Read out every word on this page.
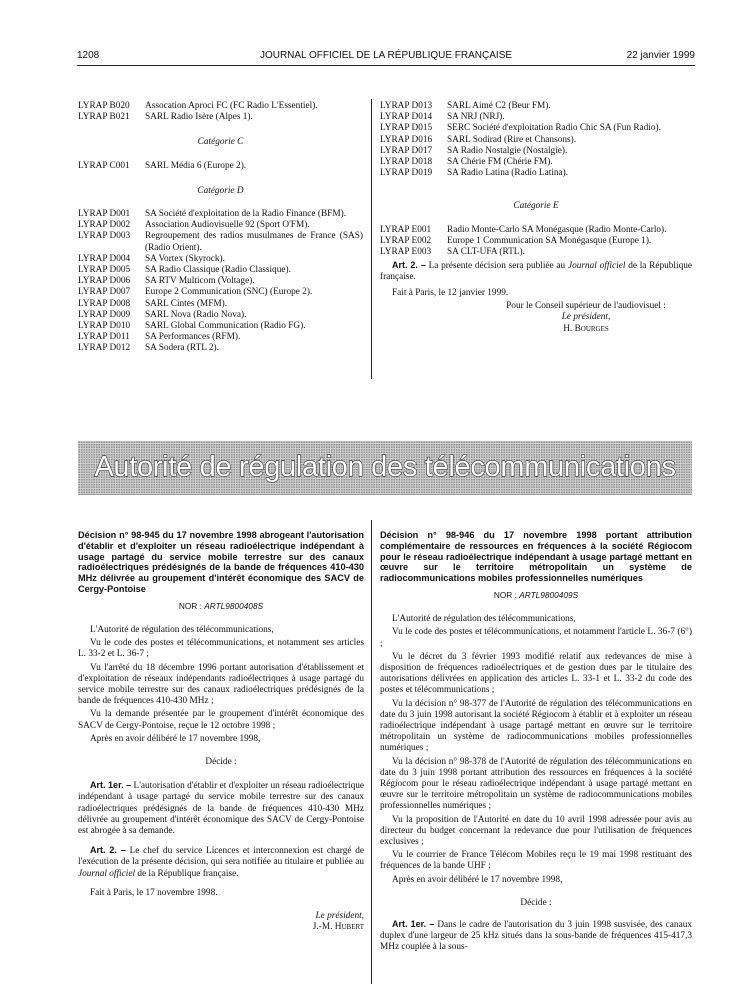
1208	JOURNAL OFFICIEL DE LA RÉPUBLIQUE FRANÇAISE	22 janvier 1999
LYRAP B020	Assocation Aproci FC (FC Radio L'Essentiel).
LYRAP B021	SARL Radio Isère (Alpes 1).
Catégorie C
LYRAP C001	SARL Média 6 (Europe 2).
Catégorie D
LYRAP D001	SA Société d'exploitation de la Radio Finance (BFM).
LYRAP D002	Association Audiovisuelle 92 (Sport O'FM).
LYRAP D003	Regroupement des radios musulmanes de France (SAS) (Radio Orient).
LYRAP D004	SA Vortex (Skyrock).
LYRAP D005	SA Radio Classique (Radio Classique).
LYRAP D006	SA RTV Multicom (Voltage).
LYRAP D007	Europe 2 Communication (SNC) (Europe 2).
LYRAP D008	SARL Cintes (MFM).
LYRAP D009	SARL Nova (Radio Nova).
LYRAP D010	SARL Global Communication (Radio FG).
LYRAP D011	SA Performances (RFM).
LYRAP D012	SA Sodera (RTL 2).
LYRAP D013	SARL Aimé C2 (Beur FM).
LYRAP D014	SA NRJ (NRJ).
LYRAP D015	SERC Société d'exploitation Radio Chic SA (Fun Radio).
LYRAP D016	SARL Sodirad (Rire et Chansons).
LYRAP D017	SA Radio Nostalgie (Nostalgie).
LYRAP D018	SA Chérie FM (Chérie FM).
LYRAP D019	SA Radio Latina (Radio Latina).
Catégorie E
LYRAP E001	Radio Monte-Carlo SA Monégasque (Radio Monte-Carlo).
LYRAP E002	Europe 1 Communication SA Monégasque (Europe 1).
LYRAP E003	SA CLT-UFA (RTL).
Art. 2. – La présente décision sera publiée au Journal officiel de la République française.
Fait à Paris, le 12 janvier 1999.
Pour le Conseil supérieur de l'audiovisuel :
Le président,
H. Bourges
Autorité de régulation des télécommunications
Décision n° 98-945 du 17 novembre 1998 abrogeant l'autorisation d'établir et d'exploiter un réseau radioélectrique indépendant à usage partagé du service mobile terrestre sur des canaux radioélectriques prédésignés de la bande de fréquences 410-430 MHz délivrée au groupement d'intérêt économique des SACV de Cergy-Pontoise
NOR : ARTL9800408S
L'Autorité de régulation des télécommunications,
Vu le code des postes et télécommunications, et notamment ses articles L. 33-2 et L. 36-7 ;
Vu l'arrêté du 18 décembre 1996 portant autorisation d'établissement et d'exploitation de réseaux indépendants radioélectriques à usage partagé du service mobile terrestre sur des canaux radioélectriques prédésignés de la bande de fréquences 410-430 MHz ;
Vu la demande présentée par le groupement d'intérêt économique des SACV de Cergy-Pontoise, reçue le 12 octobre 1998 ;
Après en avoir délibéré le 17 novembre 1998,
Décide :
Art. 1er. – L'autorisation d'établir et d'exploiter un réseau radioélectrique indépendant à usage partagé du service mobile terrestre sur des canaux radioélectriques prédésignés de la bande de fréquences 410-430 MHz délivrée au groupement d'intérêt économique des SACV de Cergy-Pontoise est abrogée à sa demande.
Art. 2. – Le chef du service Licences et interconnexion est chargé de l'exécution de la présente décision, qui sera notifiée au titulaire et publiée au Journal officiel de la République française.
Fait à Paris, le 17 novembre 1998.
Le président,
J.-M. Hubert
Décision n° 98-946 du 17 novembre 1998 portant attribution complémentaire de ressources en fréquences à la société Régiocom pour le réseau radioélectrique indépendant à usage partagé mettant en œuvre sur le territoire métropolitain un système de radiocommunications mobiles professionnelles numériques
NOR : ARTL9800409S
L'Autorité de régulation des télécommunications,
Vu le code des postes et télécommunications, et notamment l'article L. 36-7 (6°) ;
Vu le décret du 3 février 1993 modifié relatif aux redevances de mise à disposition de fréquences radioélectriques et de gestion dues par le titulaire des autorisations délivrées en application des articles L. 33-1 et L. 33-2 du code des postes et télécommunications ;
Vu la décision n° 98-377 de l'Autorité de régulation des télécommunications en date du 3 juin 1998 autorisant la société Régiocom à établir et à exploiter un réseau radioélectrique indépendant à usage partagé mettant en œuvre sur le territoire métropolitain un système de radiocommunications mobiles professionnelles numériques ;
Vu la décision n° 98-378 de l'Autorité de régulation des télécommunications en date du 3 juin 1998 portant attribution des ressources en fréquences à la société Régiocom pour le réseau radioélectrique indépendant à usage partagé mettant en œuvre sur le territoire métropolitain un système de radiocommunications mobiles professionnelles numériques ;
Vu la proposition de l'Autorité en date du 10 avril 1998 adressée pour avis au directeur du budget concernant la redevance due pour l'utilisation de fréquences exclusives ;
Vu le courrier de France Télécom Mobiles reçu le 19 mai 1998 restituant des fréquences de la bande UHF ;
Après en avoir délibéré le 17 novembre 1998,
Décide :
Art. 1er. – Dans le cadre de l'autorisation du 3 juin 1998 susvisée, des canaux duplex d'une largeur de 25 kHz situés dans la sous-bande de fréquences 415-417,3 MHz couplée à la sous-
